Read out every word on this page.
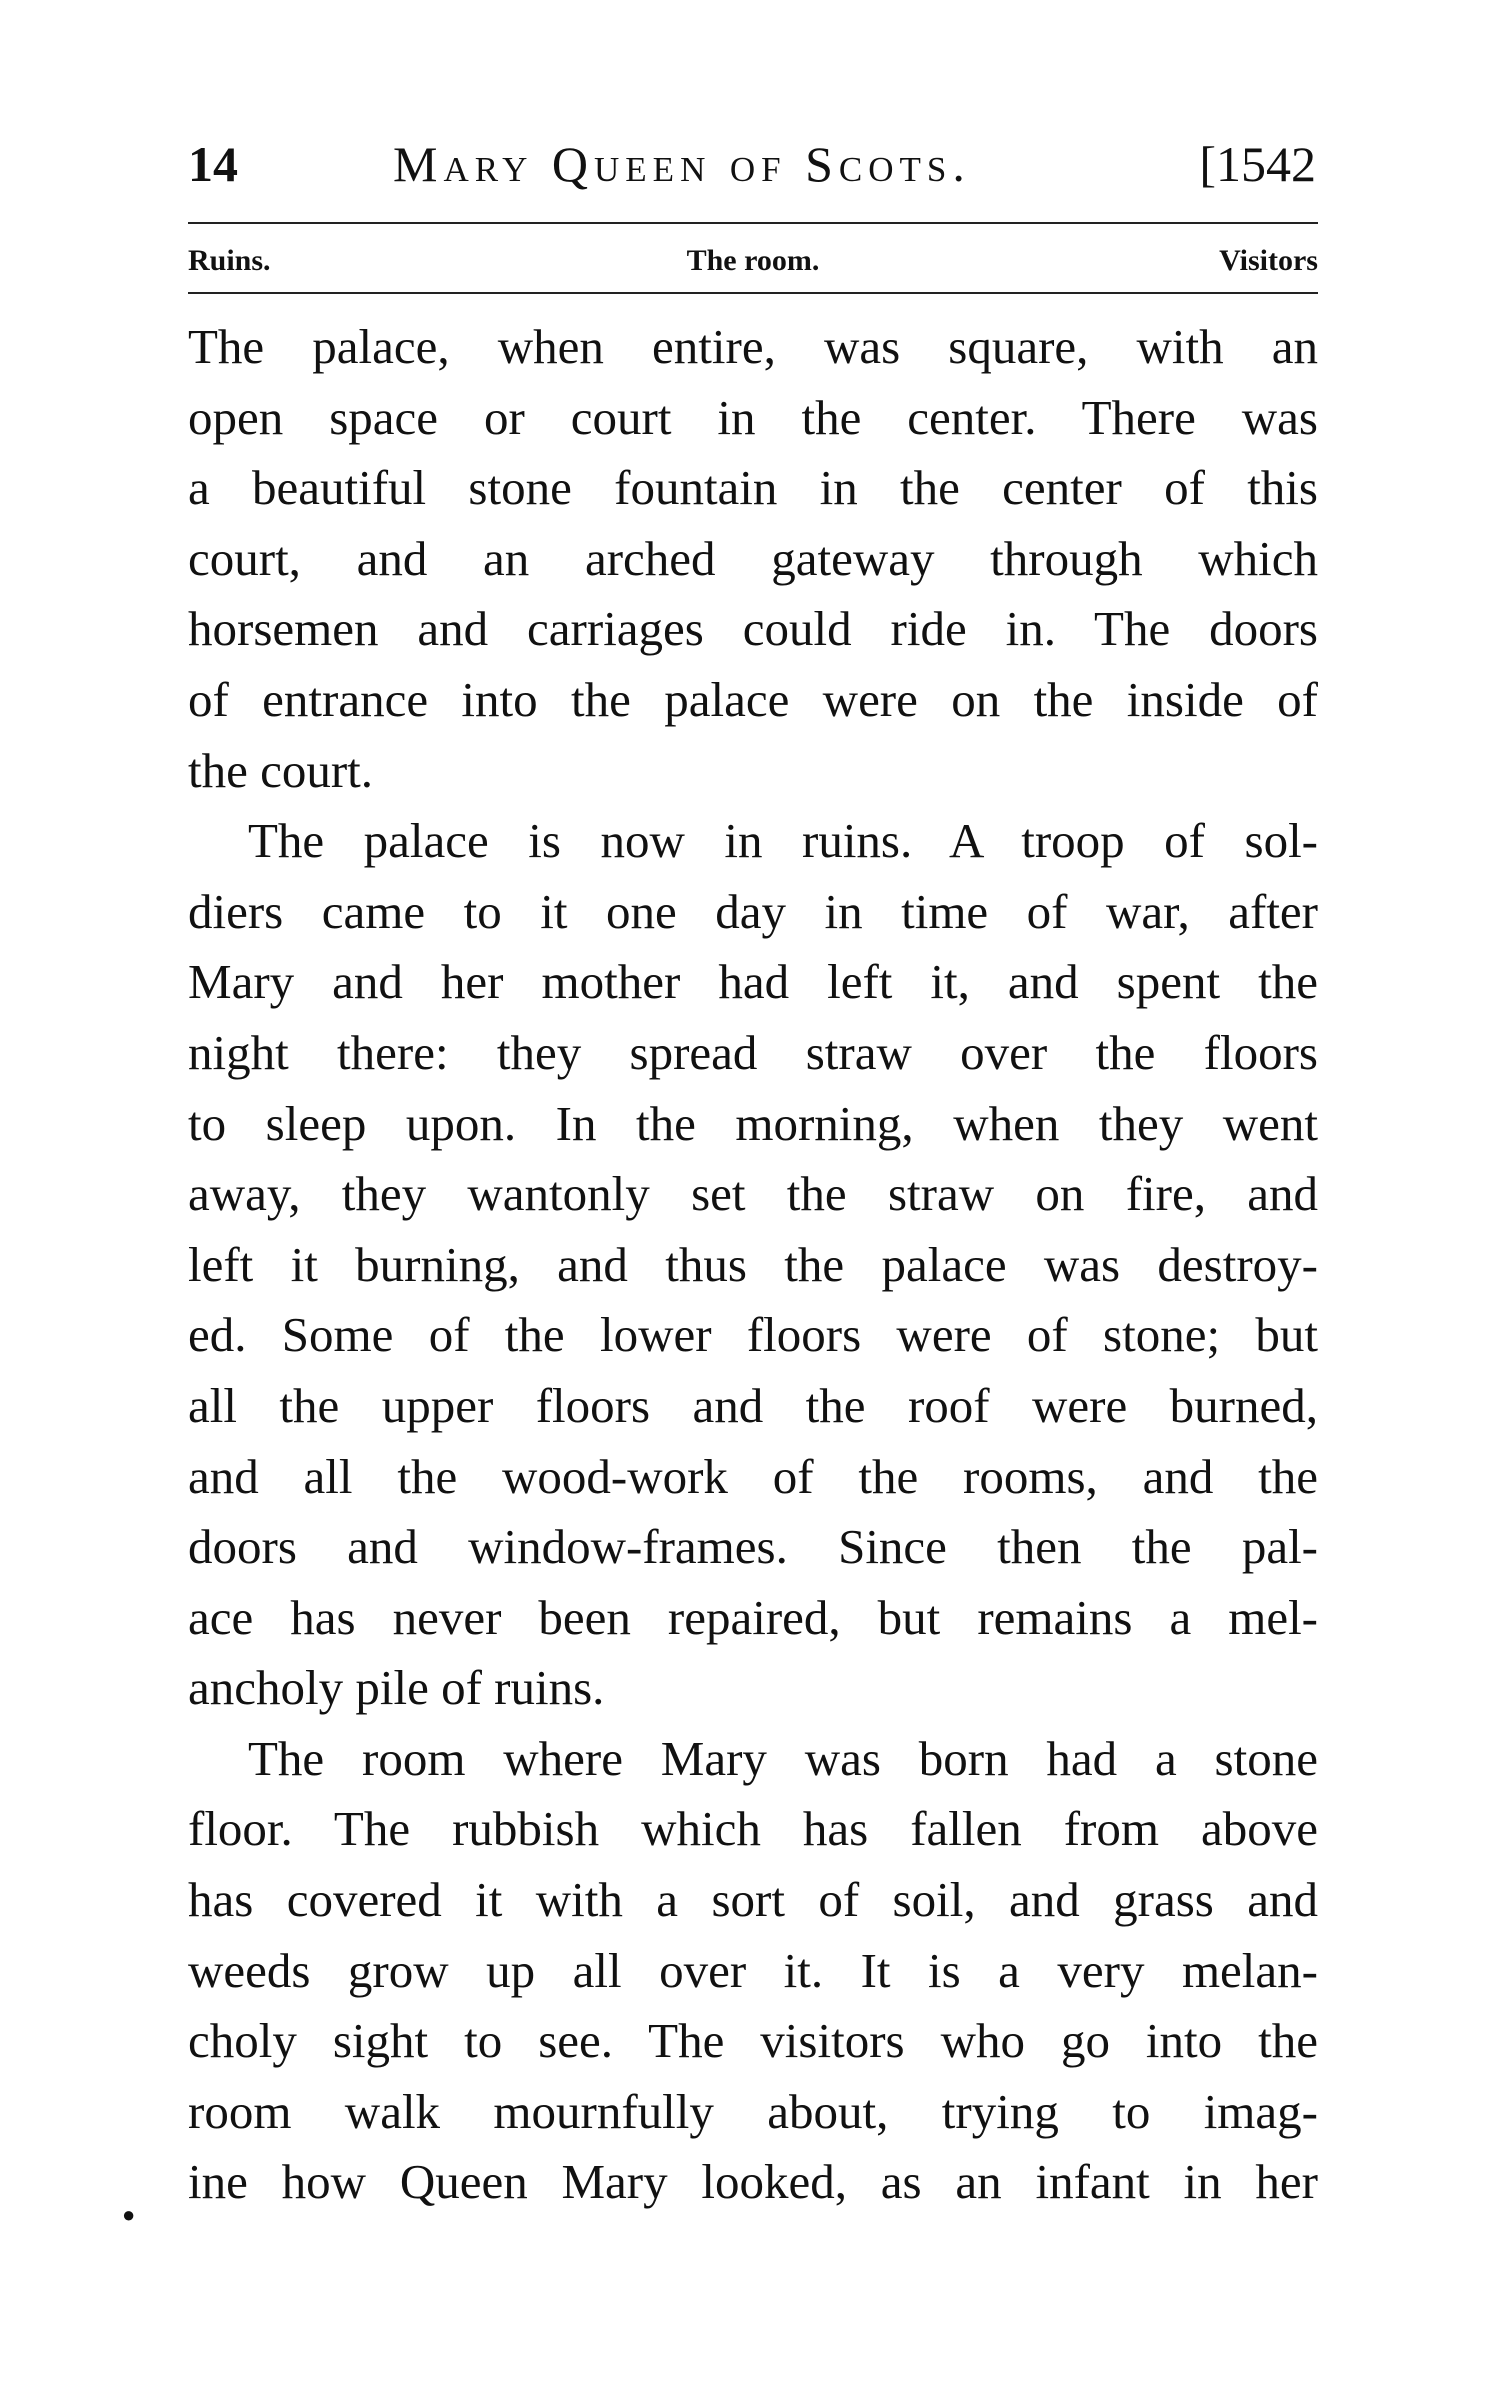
14	Mary Queen of Scots.	[1542
Ruins.	The room.	Visitors
The palace, when entire, was square, with an
open space or court in the center. There was
a beautiful stone fountain in the center of this
court, and an arched gateway through which
horsemen and carriages could ride in. The doors
of entrance into the palace were on the inside of
the court.
The palace is now in ruins. A troop of sol-
diers came to it one day in time of war, after
Mary and her mother had left it, and spent the
night there: they spread straw over the floors
to sleep upon. In the morning, when they went
away, they wantonly set the straw on fire, and
left it burning, and thus the palace was destroy-
ed. Some of the lower floors were of stone; but
all the upper floors and the roof were burned,
and all the wood-work of the rooms, and the
doors and window-frames. Since then the pal-
ace has never been repaired, but remains a mel-
ancholy pile of ruins.
The room where Mary was born had a stone
floor. The rubbish which has fallen from above
has covered it with a sort of soil, and grass and
weeds grow up all over it. It is a very melan-
choly sight to see. The visitors who go into the
room walk mournfully about, trying to imag-
ine how Queen Mary looked, as an infant in her
●
